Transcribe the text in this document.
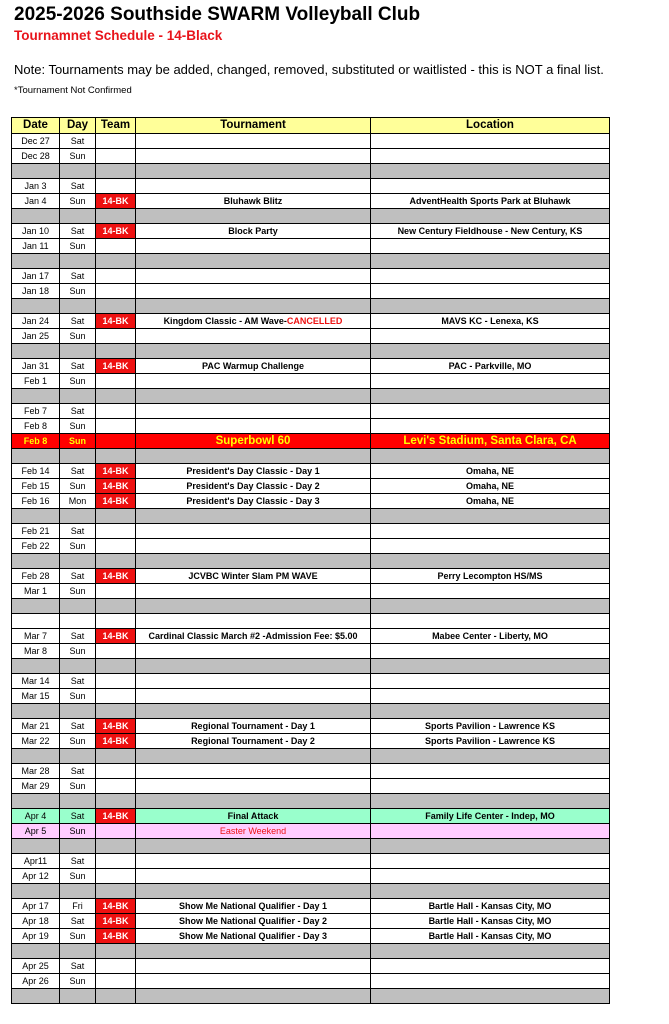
2025-2026 Southside SWARM Volleyball Club
Tournamnet Schedule - 14-Black
Note: Tournaments may be added, changed, removed, substituted or waitlisted - this is NOT a final list.
*Tournament Not Confirmed
Date	Day	Team	Tournament	Location
Dec 27	Sat			
Dec 28	Sun			

Jan 3	Sat			
Jan 4	Sun	14-BK	Bluhawk Blitz	AdventHealth Sports Park at Bluhawk

Jan 10	Sat	14-BK	Block Party	New Century Fieldhouse - New Century, KS
Jan 11	Sun			

Jan 17	Sat			
Jan 18	Sun			

Jan 24	Sat	14-BK	Kingdom Classic - AM Wave-CANCELLED	MAVS KC - Lenexa, KS
Jan 25	Sun			

Jan 31	Sat	14-BK	PAC Warmup Challenge	PAC - Parkville, MO
Feb 1	Sun			

Feb 7	Sat			
Feb 8	Sun			
Feb 8	Sun		Superbowl 60	Levi's Stadium, Santa Clara, CA

Feb 14	Sat	14-BK	President's Day Classic - Day 1	Omaha, NE
Feb 15	Sun	14-BK	President's Day Classic - Day 2	Omaha, NE
Feb 16	Mon	14-BK	President's Day Classic - Day 3	Omaha, NE

Feb 21	Sat			
Feb 22	Sun			

Feb 28	Sat	14-BK	JCVBC Winter Slam PM WAVE	Perry Lecompton HS/MS
Mar 1	Sun			

Mar 7	Sat	14-BK	Cardinal Classic March #2 -Admission Fee: $5.00	Mabee Center - Liberty, MO
Mar 8	Sun			

Mar 14	Sat			
Mar 15	Sun			

Mar 21	Sat	14-BK	Regional Tournament - Day 1	Sports Pavilion - Lawrence KS
Mar 22	Sun	14-BK	Regional Tournament - Day 2	Sports Pavilion - Lawrence KS

Mar 28	Sat			
Mar 29	Sun			

Apr 4	Sat	14-BK	Final Attack	Family Life Center - Indep, MO
Apr 5	Sun		Easter Weekend	

Apr11	Sat			
Apr 12	Sun			

Apr 17	Fri	14-BK	Show Me National Qualifier - Day 1	Bartle Hall - Kansas City, MO
Apr 18	Sat	14-BK	Show Me National Qualifier - Day 2	Bartle Hall - Kansas City, MO
Apr 19	Sun	14-BK	Show Me National Qualifier - Day 3	Bartle Hall - Kansas City, MO

Apr 25	Sat			
Apr 26	Sun			
